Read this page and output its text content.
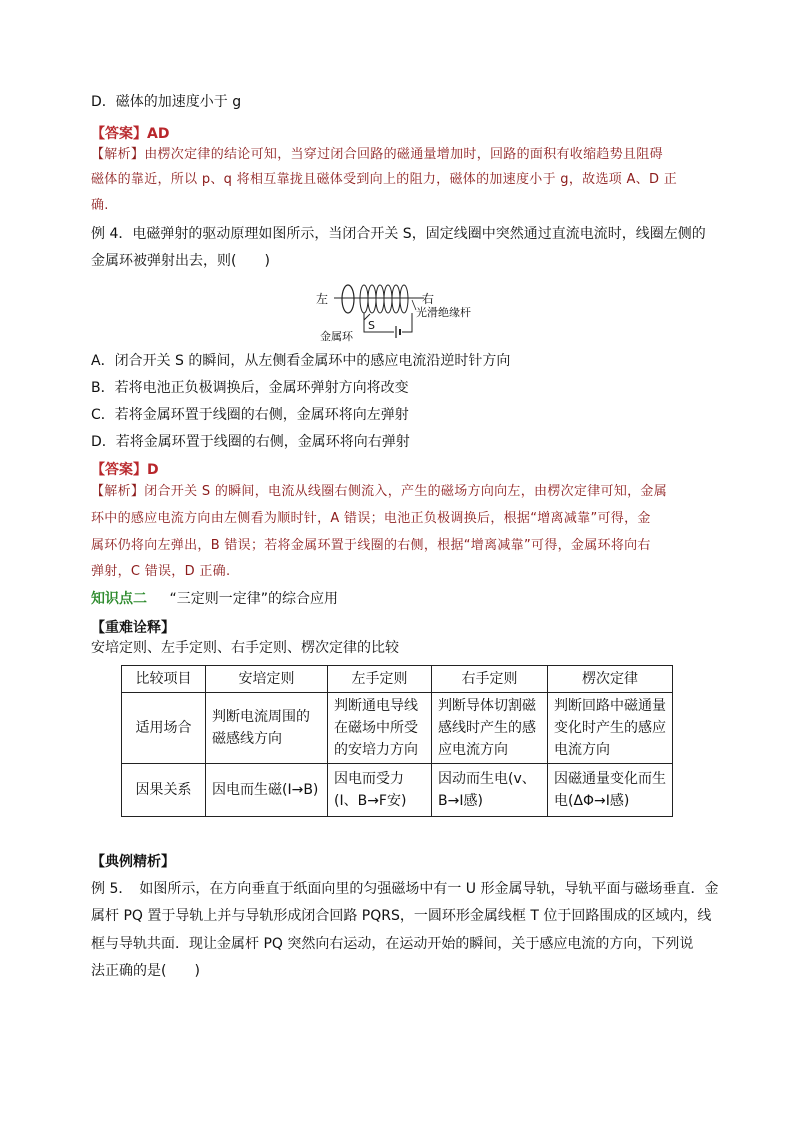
D．磁体的加速度小于 g
【答案】AD
【解析】由楞次定律的结论可知，当穿过闭合回路的磁通量增加时，回路的面积有收缩趋势且阻碍
磁体的靠近，所以 p、q 将相互靠拢且磁体受到向上的阻力，磁体的加速度小于 g，故选项 A、D 正
确.
例 4．电磁弹射的驱动原理如图所示，当闭合开关 S，固定线圈中突然通过直流电流时，线圈左侧的
金属环被弹射出去，则(　　)
左	右
光滑绝缘杆
S
金属环
A．闭合开关 S 的瞬间，从左侧看金属环中的感应电流沿逆时针方向
B．若将电池正负极调换后，金属环弹射方向将改变
C．若将金属环置于线圈的右侧，金属环将向左弹射
D．若将金属环置于线圈的右侧，金属环将向右弹射
【答案】D
【解析】闭合开关 S 的瞬间，电流从线圈右侧流入，产生的磁场方向向左，由楞次定律可知，金属
环中的感应电流方向由左侧看为顺时针，A 错误；电池正负极调换后，根据“增离减靠”可得，金
属环仍将向左弹出，B 错误；若将金属环置于线圈的右侧，根据“增离减靠”可得，金属环将向右
弹射，C 错误，D 正确.
知识点二 “三定则一定律”的综合应用
【重难诠释】
安培定则、左手定则、右手定则、楞次定律的比较
比较项目	安培定则	左手定则	右手定则	楞次定律
适用场合	判断电流周围的磁感线方向	判断通电导线在磁场中所受的安培力方向	判断导体切割磁感线时产生的感应电流方向	判断回路中磁通量变化时产生的感应电流方向
因果关系	因电而生磁(I→B)	因电而受力(I、B→F安)	因动而生电(v、B→I感)	因磁通量变化而生电(ΔΦ→I感)
【典例精析】
例 5．　如图所示，在方向垂直于纸面向里的匀强磁场中有一 U 形金属导轨，导轨平面与磁场垂直．金
属杆 PQ 置于导轨上并与导轨形成闭合回路 PQRS，一圆环形金属线框 T 位于回路围成的区域内，线
框与导轨共面．现让金属杆 PQ 突然向右运动，在运动开始的瞬间，关于感应电流的方向，下列说
法正确的是(　　)
